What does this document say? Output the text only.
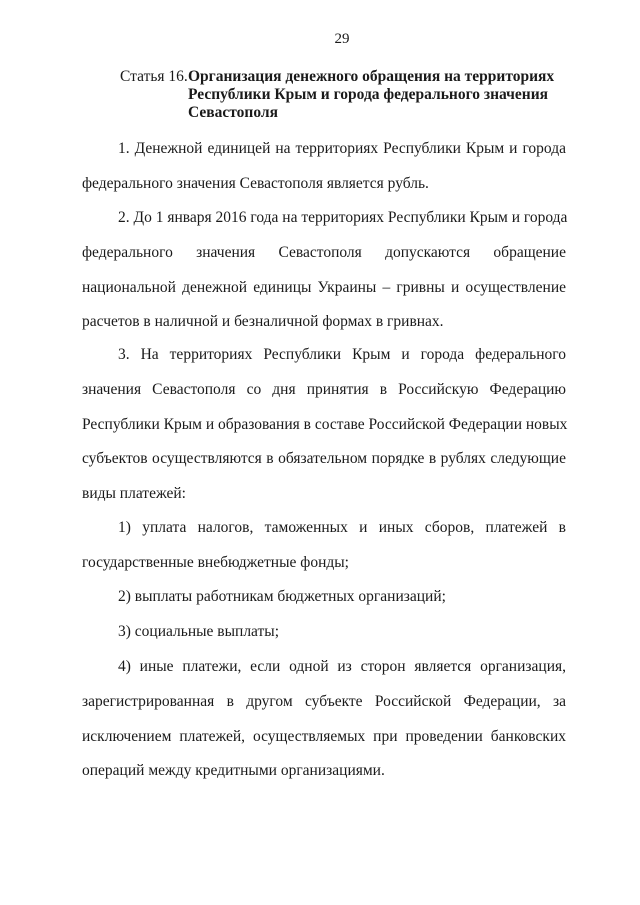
29
Статья 16. Организация денежного обращения на территориях Республики Крым и города федерального значения Севастополя
1. Денежной единицей на территориях Республики Крым и города
федерального значения Севастополя является рубль.
2. До 1 января 2016 года на территориях Республики Крым и города
федерального значения Севастополя допускаются обращение
национальной денежной единицы Украины – гривны и осуществление
расчетов в наличной и безналичной формах в гривнах.
3. На территориях Республики Крым и города федерального
значения Севастополя со дня принятия в Российскую Федерацию
Республики Крым и образования в составе Российской Федерации новых
субъектов осуществляются в обязательном порядке в рублях следующие
виды платежей:
1) уплата налогов, таможенных и иных сборов, платежей в
государственные внебюджетные фонды;
2) выплаты работникам бюджетных организаций;
3) социальные выплаты;
4) иные платежи, если одной из сторон является организация,
зарегистрированная в другом субъекте Российской Федерации, за
исключением платежей, осуществляемых при проведении банковских
операций между кредитными организациями.
